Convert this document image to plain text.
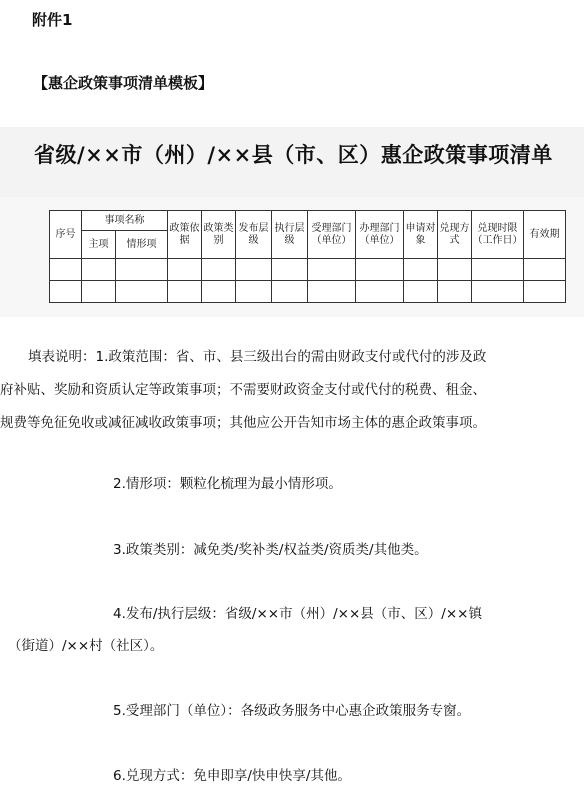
附件1
【惠企政策事项清单模板】
省级/××市（州）/××县（市、区）惠企政策事项清单
序号	事项名称		政策依据	政策类别	发布层级	执行层级	受理部门（单位）	办理部门（单位）	申请对象	兑现方式	兑现时限（工作日）	有效期
	主项	情形项										

填表说明：1.政策范围：省、市、县三级出台的需由财政支付或代付的涉及政
府补贴、奖励和资质认定等政策事项；不需要财政资金支付或代付的税费、租金、
规费等免征免收或减征减收政策事项；其他应公开告知市场主体的惠企政策事项。
2.情形项：颗粒化梳理为最小情形项。
3.政策类别：减免类/奖补类/权益类/资质类/其他类。
4.发布/执行层级：省级/××市（州）/××县（市、区）/××镇
（街道）/××村（社区）。
5.受理部门（单位）：各级政务服务中心惠企政策服务专窗。
6.兑现方式：免申即享/快申快享/其他。
